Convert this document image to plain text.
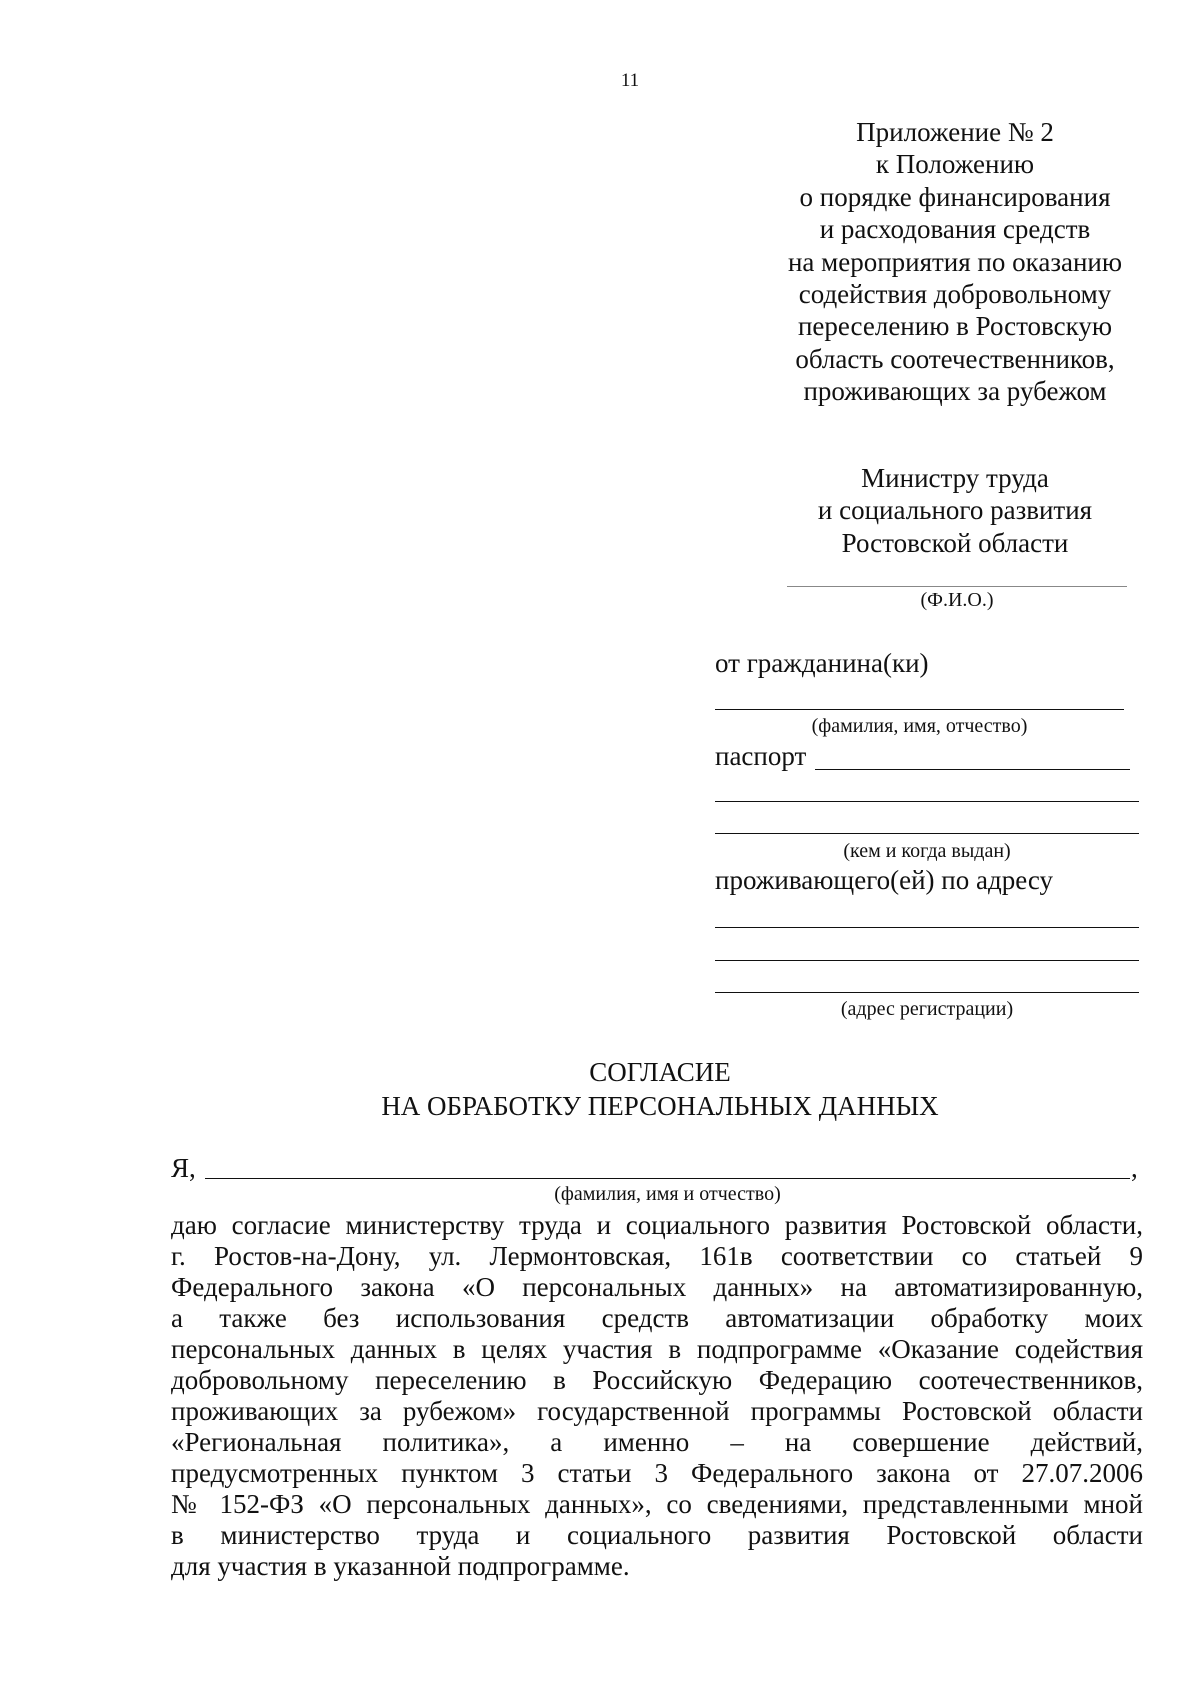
11
Приложение № 2
к Положению
о порядке финансирования
и расходования средств
на мероприятия по оказанию
содействия добровольному
переселению в Ростовскую
область соотечественников,
проживающих за рубежом
Министру труда
и социального развития
Ростовской области
(Ф.И.О.)
от гражданина(ки)
(фамилия, имя, отчество)
паспорт
(кем и когда выдан)
проживающего(ей) по адресу
(адрес регистрации)
СОГЛАСИЕ
НА ОБРАБОТКУ ПЕРСОНАЛЬНЫХ ДАННЫХ
Я,	,
(фамилия, имя и отчество)
даю согласие министерству труда и социального развития Ростовской области,
г. Ростов-на-Дону, ул. Лермонтовская, 161в соответствии со статьей 9
Федерального закона «О персональных данных» на автоматизированную,
а также без использования средств автоматизации обработку моих
персональных данных в целях участия в подпрограмме «Оказание содействия
добровольному переселению в Российскую Федерацию соотечественников,
проживающих за рубежом» государственной программы Ростовской области
«Региональная политика», а именно – на совершение действий,
предусмотренных пунктом 3 статьи 3 Федерального закона от 27.07.2006
№ 152-ФЗ «О персональных данных», со сведениями, представленными мной
в министерство труда и социального развития Ростовской области
для участия в указанной подпрограмме.
